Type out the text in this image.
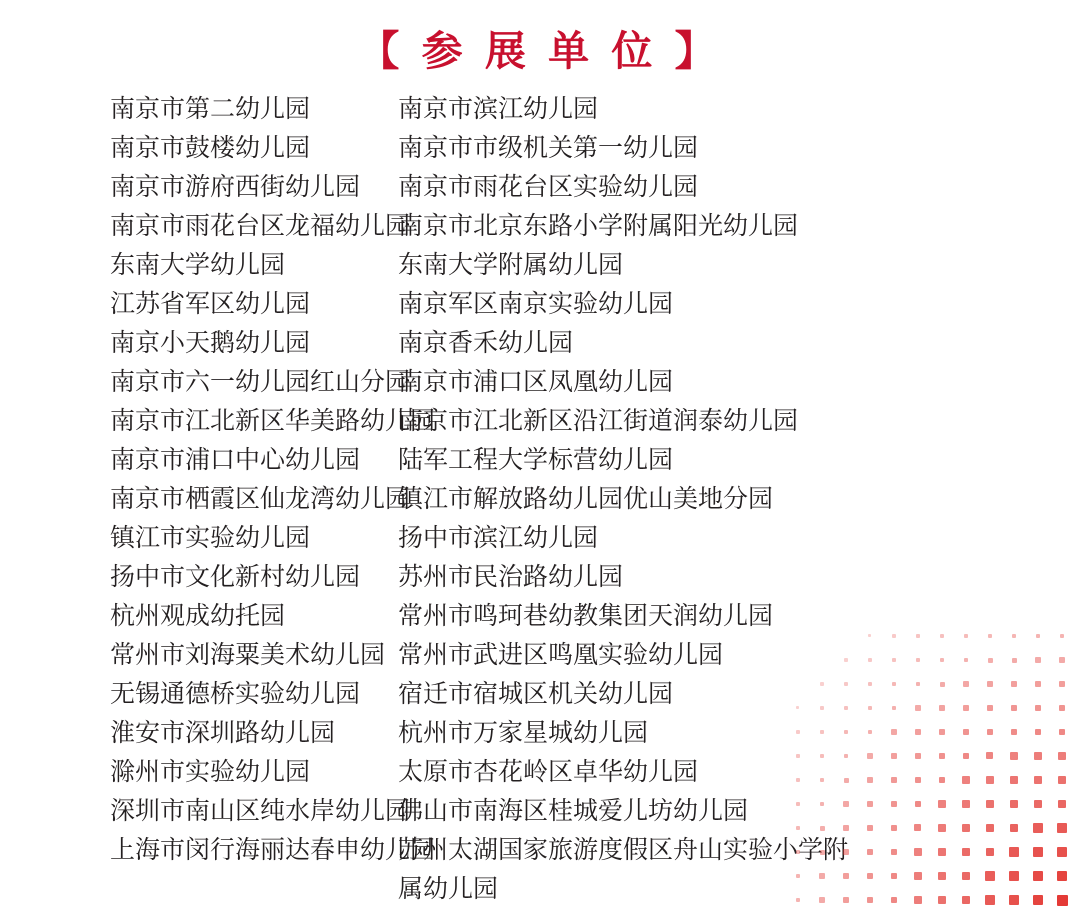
【 参 展 单 位 】
南京市第二幼儿园
南京市鼓楼幼儿园
南京市游府西街幼儿园
南京市雨花台区龙福幼儿园
东南大学幼儿园
江苏省军区幼儿园
南京小天鹅幼儿园
南京市六一幼儿园红山分园
南京市江北新区华美路幼儿园
南京市浦口中心幼儿园
南京市栖霞区仙龙湾幼儿园
镇江市实验幼儿园
扬中市文化新村幼儿园
杭州观成幼托园
常州市刘海粟美术幼儿园
无锡通德桥实验幼儿园
淮安市深圳路幼儿园
滁州市实验幼儿园
深圳市南山区纯水岸幼儿园
上海市闵行海丽达春申幼儿园
南京市滨江幼儿园
南京市市级机关第一幼儿园
南京市雨花台区实验幼儿园
南京市北京东路小学附属阳光幼儿园
东南大学附属幼儿园
南京军区南京实验幼儿园
南京香禾幼儿园
南京市浦口区凤凰幼儿园
南京市江北新区沿江街道润泰幼儿园
陆军工程大学标营幼儿园
镇江市解放路幼儿园优山美地分园
扬中市滨江幼儿园
苏州市民治路幼儿园
常州市鸣珂巷幼教集团天润幼儿园
常州市武进区鸣凰实验幼儿园
宿迁市宿城区机关幼儿园
杭州市万家星城幼儿园
太原市杏花岭区卓华幼儿园
佛山市南海区桂城爱儿坊幼儿园
苏州太湖国家旅游度假区舟山实验小学附属幼儿园
